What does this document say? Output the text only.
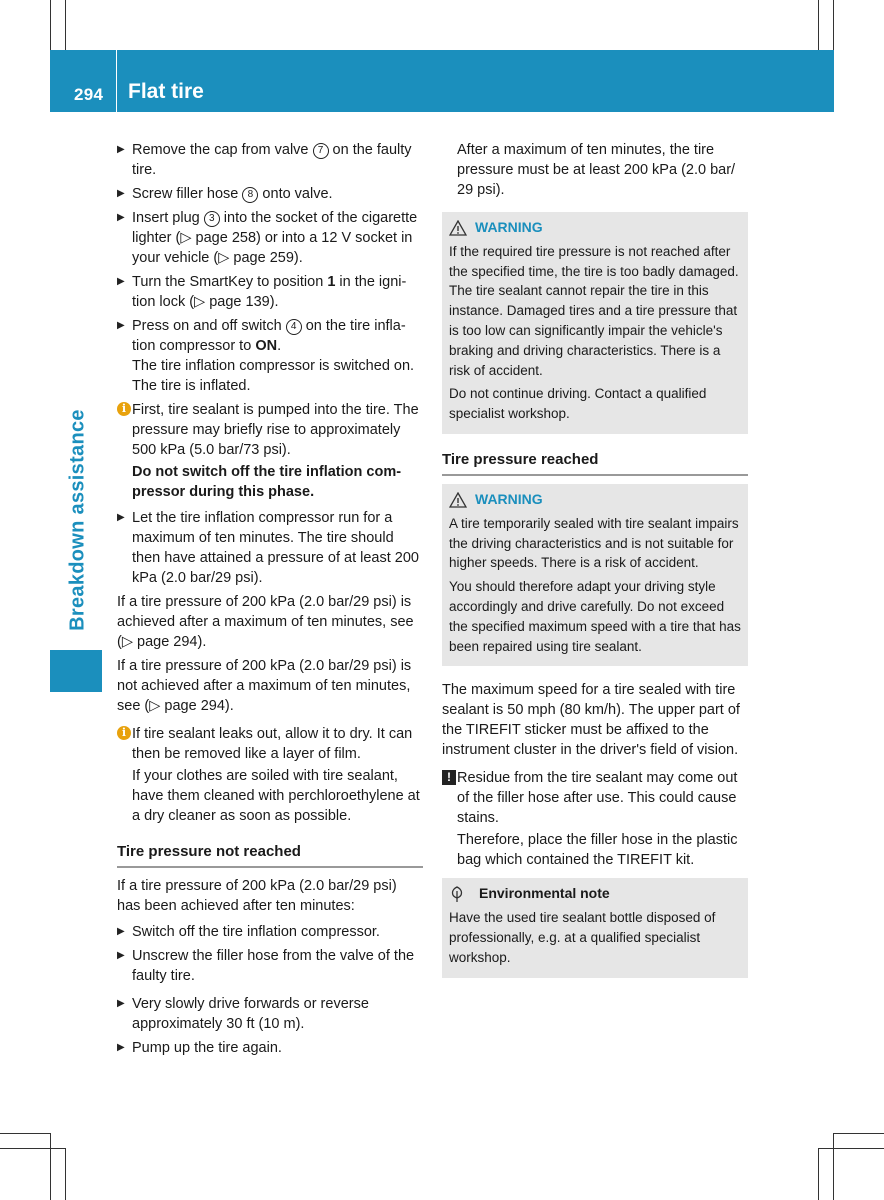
294 Flat tire
Breakdown assistance
▶ Remove the cap from valve 7 on the faulty tire.
▶ Screw filler hose 8 onto valve.
▶ Insert plug 3 into the socket of the cigarette lighter (▷ page 258) or into a 12 V socket in your vehicle (▷ page 259).
▶ Turn the SmartKey to position 1 in the ignition lock (▷ page 139).
▶ Press on and off switch 4 on the tire inflation compressor to ON.
The tire inflation compressor is switched on. The tire is inflated.
i First, tire sealant is pumped into the tire. The pressure may briefly rise to approximately 500 kPa (5.0 bar/73 psi).
Do not switch off the tire inflation compressor during this phase.
▶ Let the tire inflation compressor run for a maximum of ten minutes. The tire should then have attained a pressure of at least 200 kPa (2.0 bar/29 psi).

If a tire pressure of 200 kPa (2.0 bar/29 psi) is achieved after a maximum of ten minutes, see (▷ page 294).

If a tire pressure of 200 kPa (2.0 bar/29 psi) is not achieved after a maximum of ten minutes, see (▷ page 294).

i If tire sealant leaks out, allow it to dry. It can then be removed like a layer of film.
If your clothes are soiled with tire sealant, have them cleaned with perchloroethylene at a dry cleaner as soon as possible.
Tire pressure not reached

If a tire pressure of 200 kPa (2.0 bar/29 psi) has been achieved after ten minutes:

▶ Switch off the tire inflation compressor.
▶ Unscrew the filler hose from the valve of the faulty tire.
▶ Very slowly drive forwards or reverse approximately 30 ft (10 m).
▶ Pump up the tire again.
After a maximum of ten minutes, the tire pressure must be at least 200 kPa (2.0 bar/ 29 psi).
WARNING

If the required tire pressure is not reached after the specified time, the tire is too badly damaged. The tire sealant cannot repair the tire in this instance. Damaged tires and a tire pressure that is too low can significantly impair the vehicle's braking and driving characteristics. There is a risk of accident.

Do not continue driving. Contact a qualified specialist workshop.

Tire pressure reached
WARNING

A tire temporarily sealed with tire sealant impairs the driving characteristics and is not suitable for higher speeds. There is a risk of accident.

You should therefore adapt your driving style accordingly and drive carefully. Do not exceed the specified maximum speed with a tire that has been repaired using tire sealant.

The maximum speed for a tire sealed with tire sealant is 50 mph (80 km/h). The upper part of the TIREFIT sticker must be affixed to the instrument cluster in the driver's field of vision.

! Residue from the tire sealant may come out of the filler hose after use. This could cause stains.
Therefore, place the filler hose in the plastic bag which contained the TIREFIT kit.
Environmental note

Have the used tire sealant bottle disposed of professionally, e.g. at a qualified specialist workshop.
